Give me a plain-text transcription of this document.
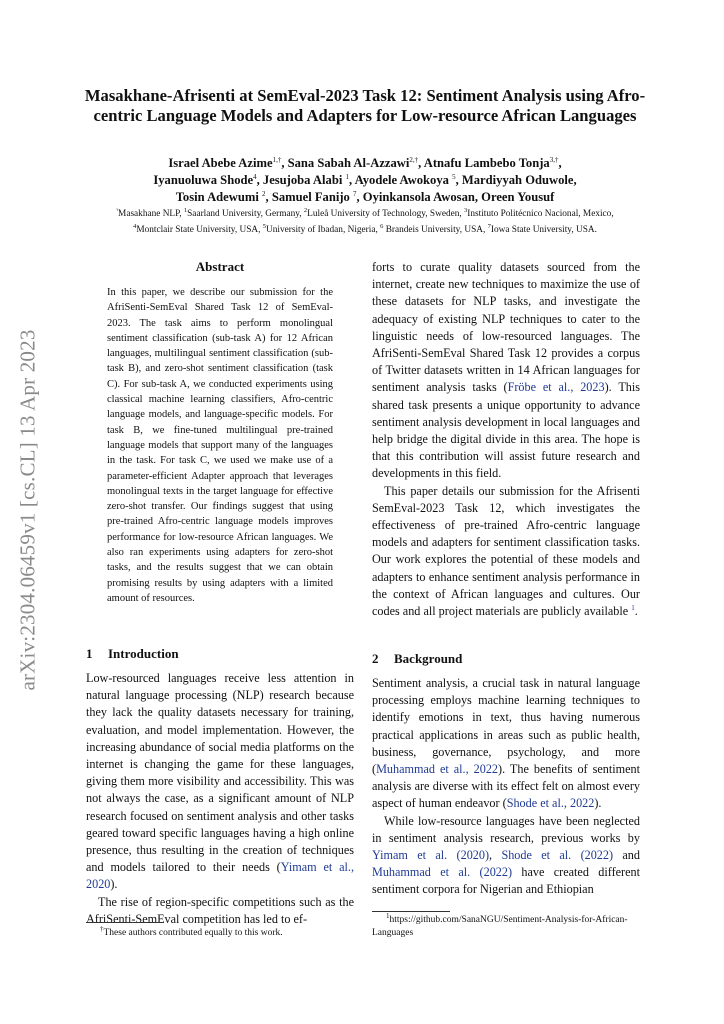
arXiv:2304.06459v1 [cs.CL] 13 Apr 2023
Masakhane-Afrisenti at SemEval-2023 Task 12: Sentiment Analysis using Afro-centric Language Models and Adapters for Low-resource African Languages
Israel Abebe Azime$^{1,\dagger}$, Sana Sabah Al-Azzawi$^{2,\dagger}$, Atnafu Lambebo Tonja$^{3,\dagger}$,
Iyanuoluwa Shode$^4$, Jesujoba Alabi $^1$, Ayodele Awokoya $^5$, Mardiyyah Oduwole,
Tosin Adewumi $^2$, Samuel Fanijo $^7$, Oyinkansola Awosan, Oreen Yousuf
$^ᵞ$Masakhane NLP, $^1$Saarland University, Germany, $^2$Luleå University of Technology, Sweden, $^3$Instituto Politécnico Nacional, Mexico,
$^4$Montclair State University, USA, $^5$University of Ibadan, Nigeria, $^6$ Brandeis University, USA, $^7$Iowa State University, USA.
Abstract
In this paper, we describe our submission for the AfriSenti-SemEval Shared Task 12 of SemEval-2023. The task aims to perform monolingual sentiment classification (sub-task A) for 12 African languages, multilingual sentiment classification (sub-task B), and zero-shot sentiment classification (task C). For sub-task A, we conducted experiments using classical machine learning classifiers, Afro-centric language models, and language-specific models. For task B, we fine-tuned multilingual pre-trained language models that support many of the languages in the task. For task C, we used we make use of a parameter-efficient Adapter approach that leverages monolingual texts in the target language for effective zero-shot transfer. Our findings suggest that using pre-trained Afro-centric language models improves performance for low-resource African languages. We also ran experiments using adapters for zero-shot tasks, and the results suggest that we can obtain promising results by using adapters with a limited amount of resources.
1 Introduction

Low-resourced languages receive less attention in natural language processing (NLP) research because they lack the quality datasets necessary for training, evaluation, and model implementation. However, the increasing abundance of social media platforms on the internet is changing the game for these languages, giving them more visibility and accessibility. This was not always the case, as a significant amount of NLP research focused on sentiment analysis and other tasks geared toward specific languages having a high online presence, thus resulting in the creation of techniques and models tailored to their needs (Yimam et al., 2020).

The rise of region-specific competitions such as the AfriSenti-SemEval competition has led to ef-

forts to curate quality datasets sourced from the internet, create new techniques to maximize the use of these datasets for NLP tasks, and investigate the adequacy of existing NLP techniques to cater to the linguistic needs of low-resourced languages. The AfriSenti-SemEval Shared Task 12 provides a corpus of Twitter datasets written in 14 African languages for sentiment analysis tasks (Fröbe et al., 2023). This shared task presents a unique opportunity to advance sentiment analysis development in local languages and help bridge the digital divide in this area. The hope is that this contribution will assist future research and developments in this field.

This paper details our submission for the Afrisenti SemEval-2023 Task 12, which investigates the effectiveness of pre-trained Afro-centric language models and adapters for sentiment classification tasks. Our work explores the potential of these models and adapters to enhance sentiment analysis performance in the context of African languages and cultures. Our codes and all project materials are publicly available $^1$.

2 Background

Sentiment analysis, a crucial task in natural language processing employs machine learning techniques to identify emotions in text, thus having numerous practical applications in areas such as public health, business, governance, psychology, and more (Muhammad et al., 2022). The benefits of sentiment analysis are diverse with its effect felt on almost every aspect of human endeavor (Shode et al., 2022).

While low-resource languages have been neglected in sentiment analysis research, previous works by Yimam et al. (2020), Shode et al. (2022) and Muhammad et al. (2022) have created different sentiment corpora for Nigerian and Ethiopian

†These authors contributed equally to this work.
$^1$https://github.com/SanaNGU/Sentiment-Analysis-for-African-Languages
